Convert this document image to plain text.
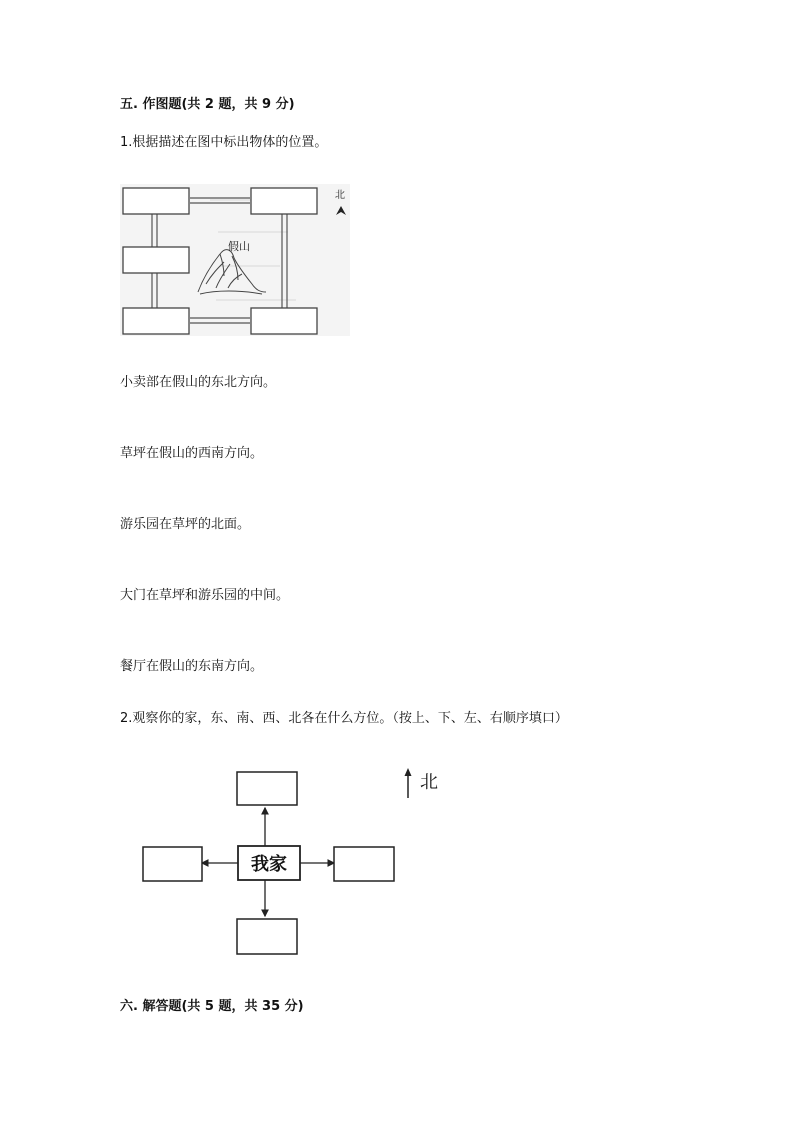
五. 作图题(共 2 题，共 9 分)
1.根据描述在图中标出物体的位置。
假山
北
小卖部在假山的东北方向。
草坪在假山的西南方向。
游乐园在草坪的北面。
大门在草坪和游乐园的中间。
餐厅在假山的东南方向。
2.观察你的家，东、南、西、北各在什么方位。（按上、下、左、右顺序填口）
我家
北
六. 解答题(共 5 题，共 35 分)
